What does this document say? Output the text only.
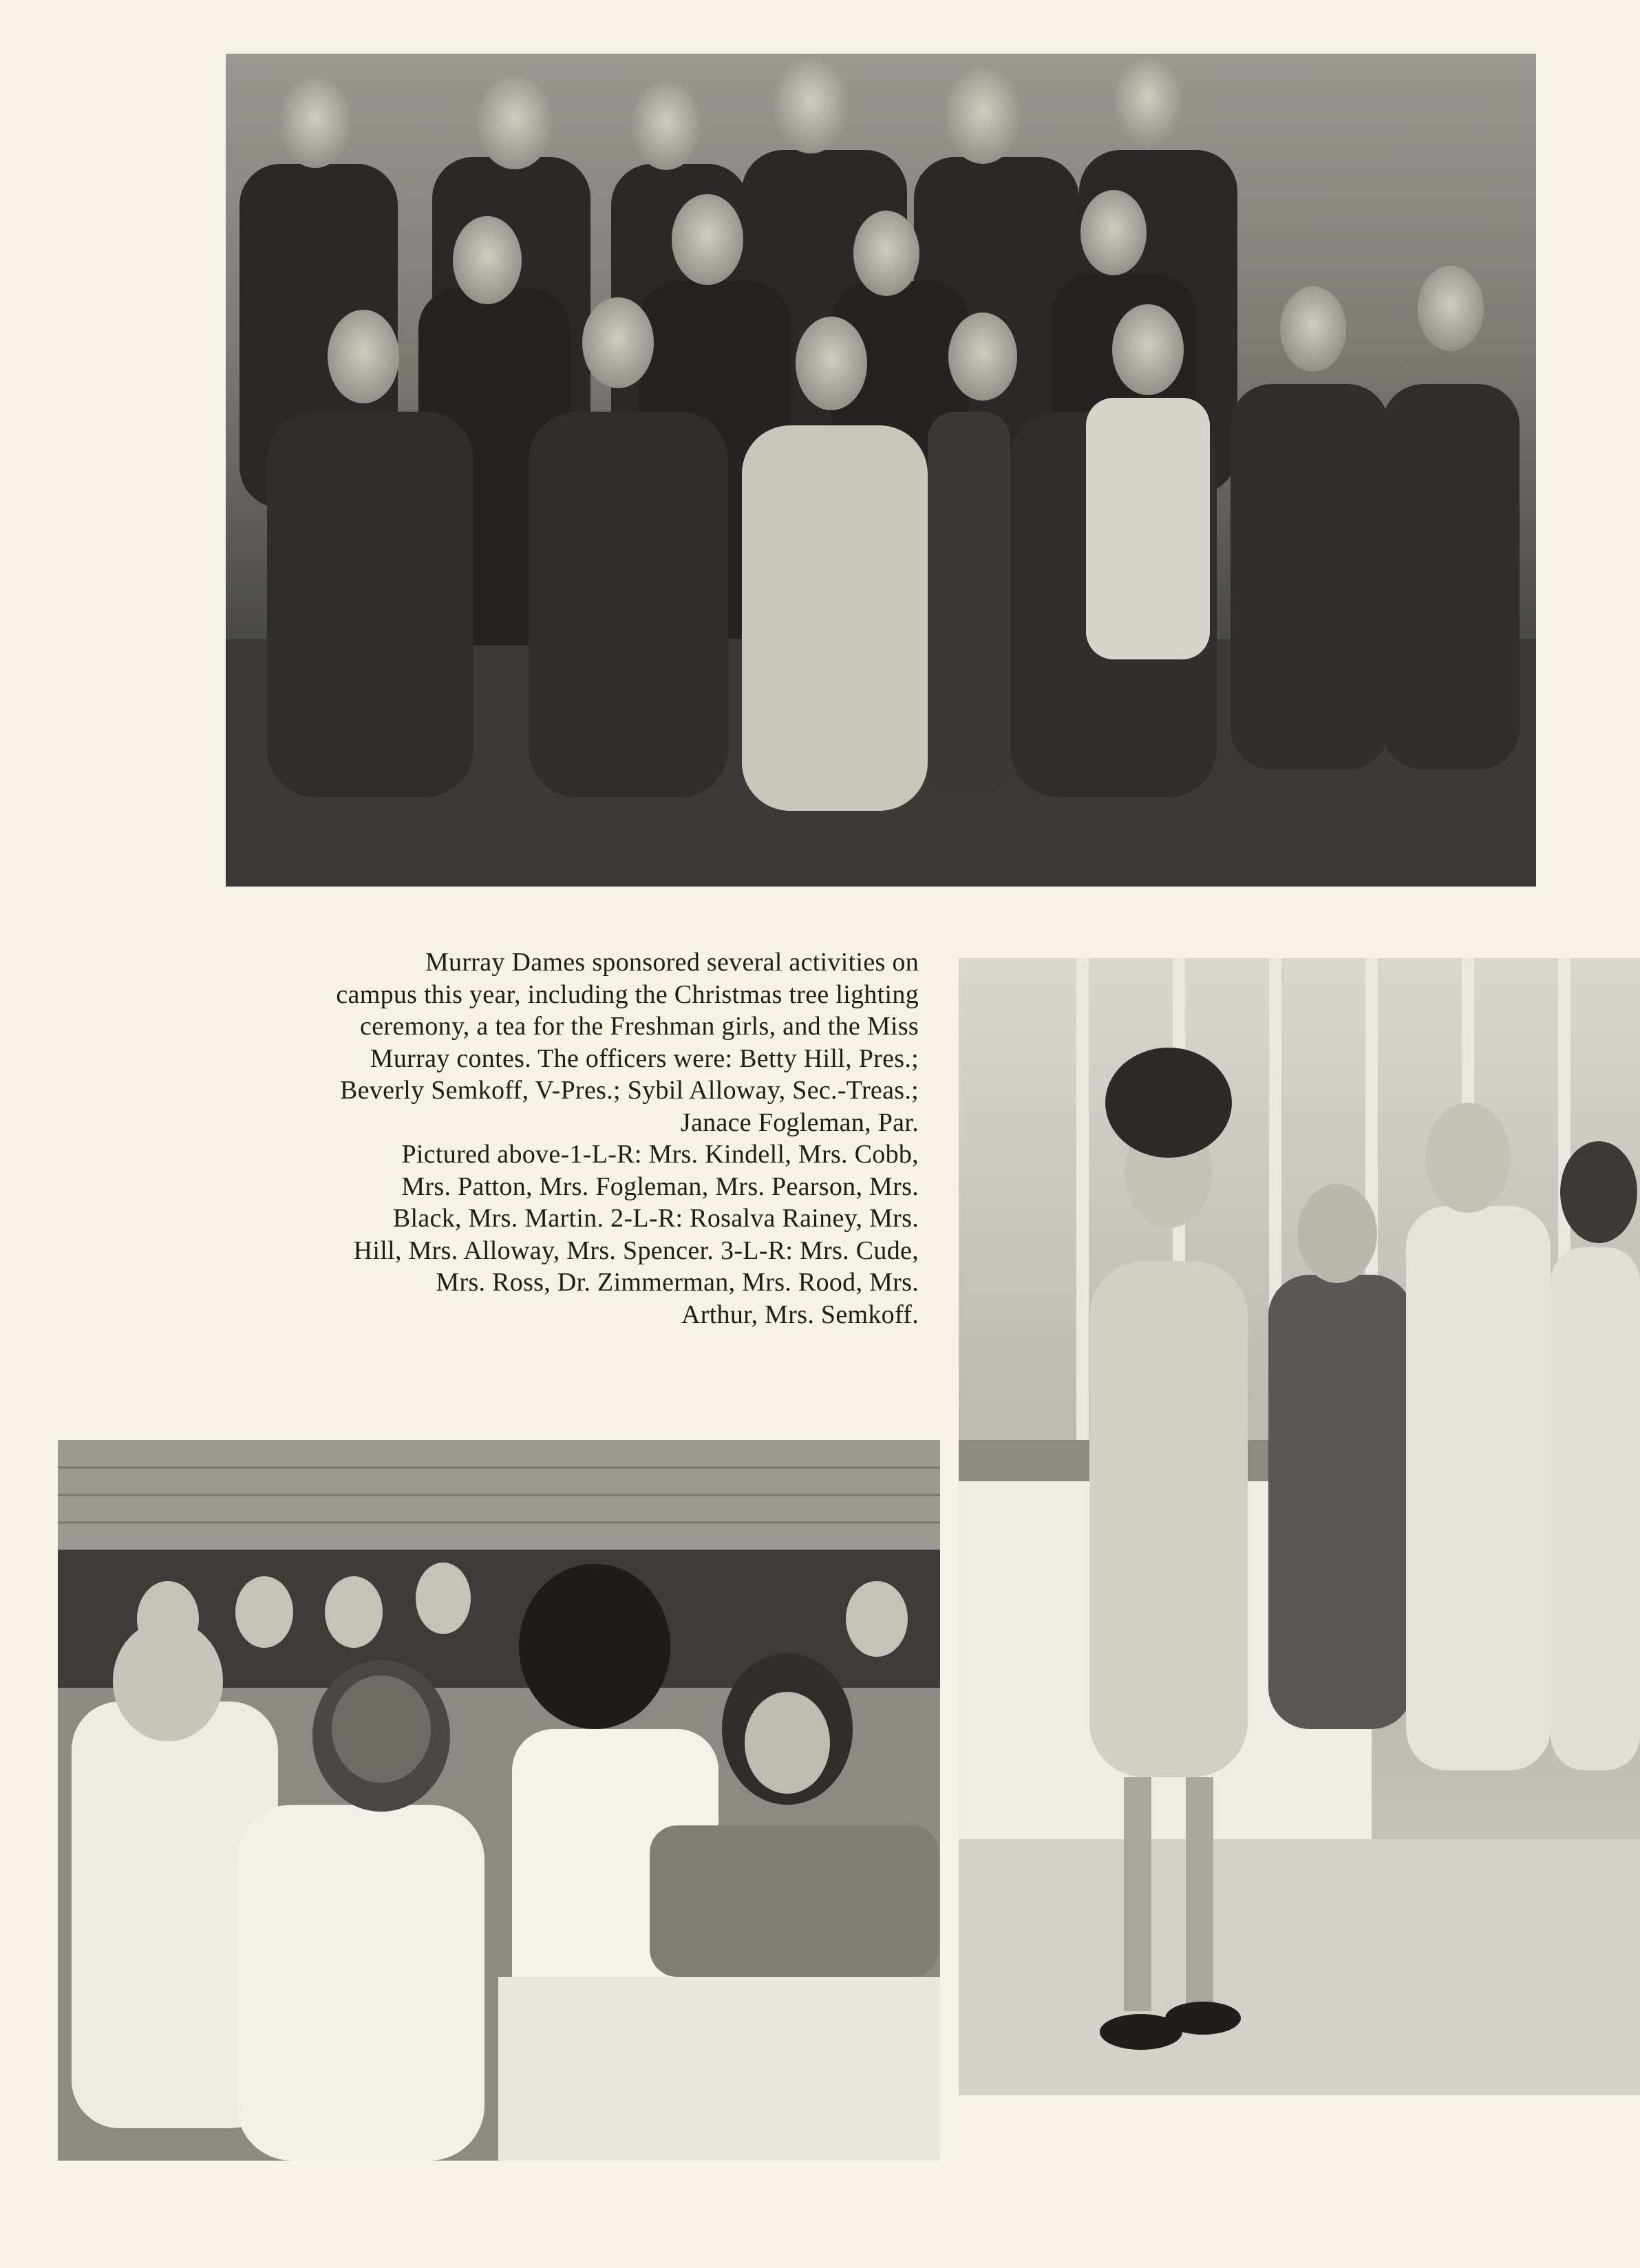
Murray Dames sponsored several activities on

campus this year, including the Christmas tree lighting

ceremony, a tea for the Freshman girls, and the Miss

Murray contes. The officers were: Betty Hill, Pres.;

Beverly Semkoff, V-Pres.; Sybil Alloway, Sec.-Treas.;

Janace Fogleman, Par.

Pictured above-1-L-R: Mrs. Kindell, Mrs. Cobb,

Mrs. Patton, Mrs. Fogleman, Mrs. Pearson, Mrs.

Black, Mrs. Martin. 2-L-R: Rosalva Rainey, Mrs.

Hill, Mrs. Alloway, Mrs. Spencer. 3-L-R: Mrs. Cude,

Mrs. Ross, Dr. Zimmerman, Mrs. Rood, Mrs.

Arthur, Mrs. Semkoff.
